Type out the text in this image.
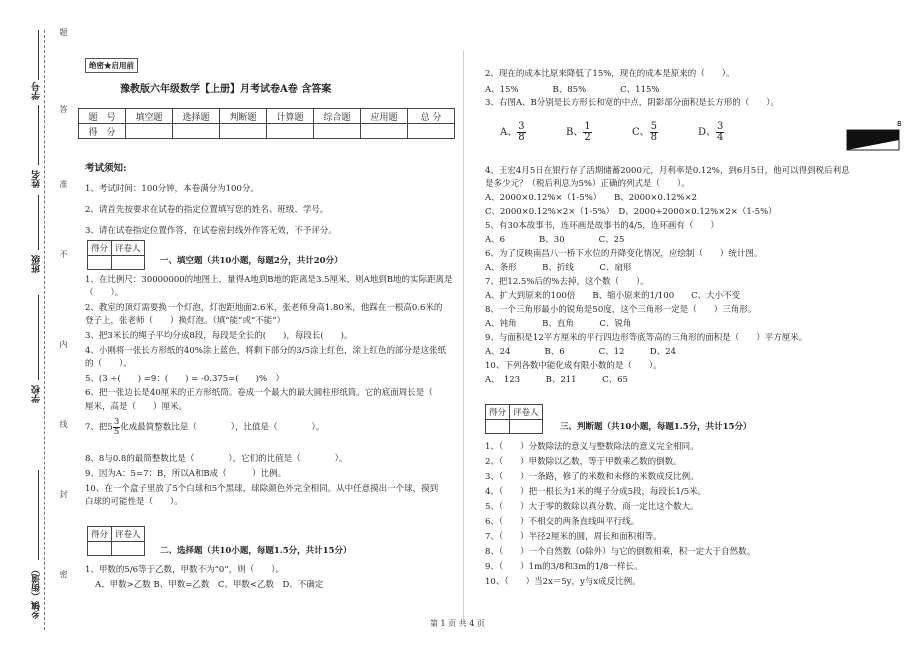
题
答
准
不
内
线
封
密
学号
姓名
班级
学校
乡镇（街道）
绝密★启用前
豫教版六年级数学【上册】月考试卷A卷 含答案
题　号	填空题	选择题	判断题	计算题	综合题	应用题	总 分
得　分							
考试须知:
1、考试时间：100分钟，本卷满分为100分。
2、请首先按要求在试卷的指定位置填写您的姓名、班级、学号。
3、请在试卷指定位置作答，在试卷密封线外作答无效，不予评分。
得分	评卷人

一、填空题（共10小题，每题2分，共计20分）
1、在比例尺：30000000的地图上，量得A地到B地的距离是3.5厘米，则A地到B地的实际距离是
（　　）。
2、教室的顶灯需要换一个灯泡，灯泡距地面2.6米，张老师身高1.80米，他踩在一根高0.6米的
登子上，张老师（　　）换灯泡。（填“能”或“不能”）
3、把3米长的绳子平均分成8段，每段是全长的(　　)，每段长(　　)。
4、小刚将一张长方形纸的40%涂上蓝色，将剩下部分的3/5涂上红色，涂上红色的部分是这张纸
的（　　）。
5、(3 ÷(　　) =9：(　　) = -0.375=(　　)%　）
6、把一张边长是40厘米的正方形纸筒。卷成一个最大的最大圆柱形纸筒。它的底面周长是（
厘米，高是（　　）厘米。
7、把$5 \frac{3}{5}$ 化成最简整数比是（　　　　），比值是（　　　　）。
8、8与0.8的最简整数比是（　　　　），它们的比值是（　　　　）。
9、因为A：5=7：B，所以A和B成（　　　）比例。
10、在一个盒子里放了5个白球和5个黑球，球除颜色外完全相同。从中任意摸出一个球，摸到
白球的可能性是（　　）。
得分	评卷人

二、选择题（共10小题，每题1.5分，共计15分）
1、甲数的5/6等于乙数，甲数不为“0”，则（　　）。
A、甲数>乙数 B、甲数=乙数　C、甲数<乙数　D、不确定
2、现在的成本比原来降低了15%，现在的成本是原来的（　　）。
A、15%　　　　B、85%　　　　C、115%
3、右图A、B分别是长方形长和宽的中点，阴影部分面积是长方形的（　　）。
A、 $\frac{3}{8}$	B、 $\frac{1}{2}$	C、 $\frac{5}{8}$	D、 $\frac{3}{4}$	B
4、王宏4月5日在银行存了活期储蓄2000元，月利率是0.12%，到6月5日，他可以得到税后利息
是多少元？（税后利息为5%）正确的列式是（　　）。
A、2000×0.12%×（1-5%）　　B、2000×0.12%×2
C、2000×0.12%×2×（1-5%）　D、2000+2000×0.12%×2×（1-5%）
5、有30本故事书，连环画是故事书的4/5，连环画有（　　）
A、6　　　　B、30　　　　C、25
6、为了反映南昌八一桥下水位的升降变化情况，应绘制（　　）统计图。
A、条形　　　B、折线　　　C、扇形
7、把12.5%后的%去掉，这个数（　　）。
A、扩大到原来的100倍　　B、缩小原来的1/100　　C、大小不变
8、一个三角形最小的锐角是50度，这个三角形一定是（　　）三角形。
A、钝角　　　B、直角　　　C、锐角
9、与面积是12平方厘米的平行四边形等底等高的三角形的面积是（　　）平方厘米。
A、24　　　　B、6　　　　C、12　　　D、24
10、下列各数中能化成有限小数的是（　　）。
A、　123　　　B、211　　　C、65
得分	评卷人

三、判断题（共10小题，每题1.5分，共计15分）
1、（　　）分数除法的意义与整数除法的意义完全相同。
2、（　　）甲数除以乙数，等于甲数乘乙数的倒数。
3、（　　）一条路，修了的米数和未修的米数成反比例。
4、（　　）把一根长为1米的绳子分成5段，每段长1/5米。
5、（　　）大于零的数除以真分数，商一定比这个数大。
6、（　　）不相交的两条直线叫平行线。
7、（　　）半径2厘米的圆，周长和面积相等。
8、（　　）一个自然数（0除外）与它的倒数相乘，积一定大于自然数。
9、（　　）1m的3/8和3m的1/8一样长。
10、（　　）当2x＝5y，y与x成反比例。
第 1 页 共 4 页
